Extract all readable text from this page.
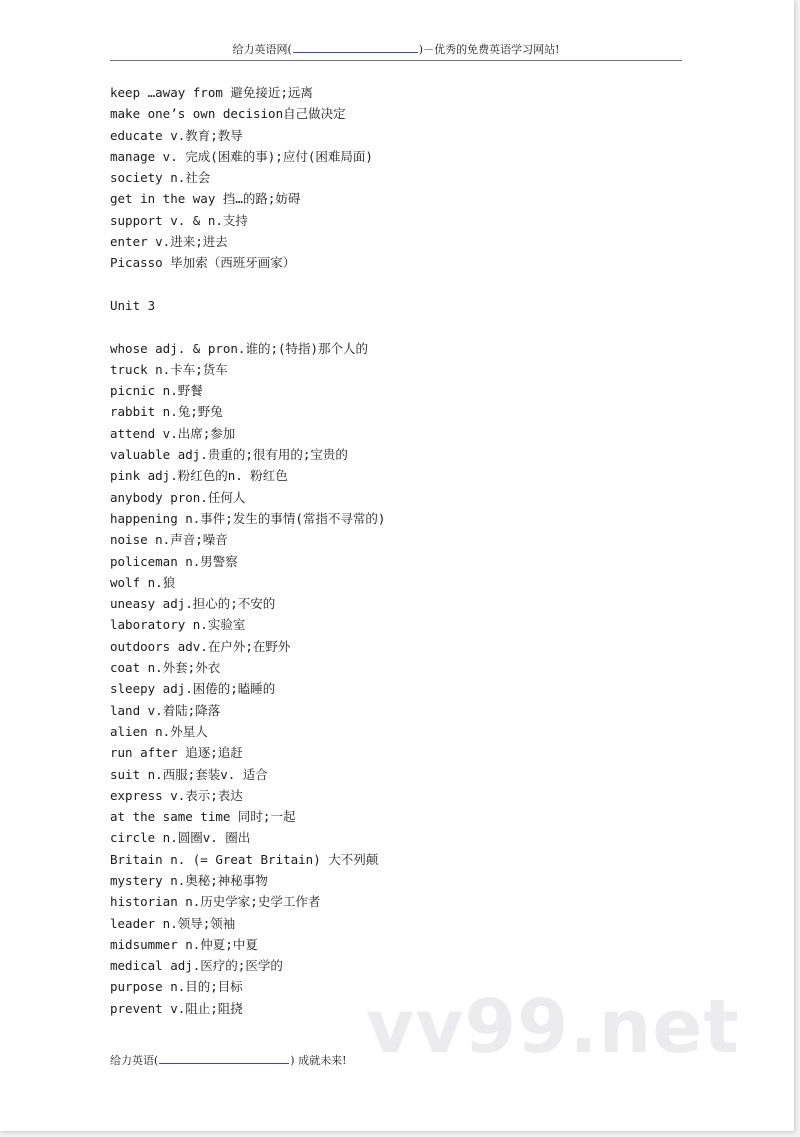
给力英语网(	)－优秀的免费英语学习网站!
keep …away from 避免接近;远离
make one’s own decision自己做决定
educate v.教育;教导
manage v. 完成(困难的事);应付(困难局面)
society n.社会
get in the way 挡…的路;妨碍
support v. & n.支持
enter v.进来;进去
Picasso 毕加索（西班牙画家）
Unit 3
whose adj. & pron.谁的;(特指)那个人的
truck n.卡车;货车
picnic n.野餐
rabbit n.兔;野兔
attend v.出席;参加
valuable adj.贵重的;很有用的;宝贵的
pink adj.粉红色的n. 粉红色
anybody pron.任何人
happening n.事件;发生的事情(常指不寻常的)
noise n.声音;噪音
policeman n.男警察
wolf n.狼
uneasy adj.担心的;不安的
laboratory n.实验室
outdoors adv.在户外;在野外
coat n.外套;外衣
sleepy adj.困倦的;瞌睡的
land v.着陆;降落
alien n.外星人
run after 追逐;追赶
suit n.西服;套装v. 适合
express v.表示;表达
at the same time 同时;一起
circle n.圆圈v. 圈出
Britain n. (= Great Britain) 大不列颠
mystery n.奥秘;神秘事物
historian n.历史学家;史学工作者
leader n.领导;领袖
midsummer n.仲夏;中夏
medical adj.医疗的;医学的
purpose n.目的;目标
prevent v.阻止;阻挠	vv99.net
给力英语(	) 成就未来!
